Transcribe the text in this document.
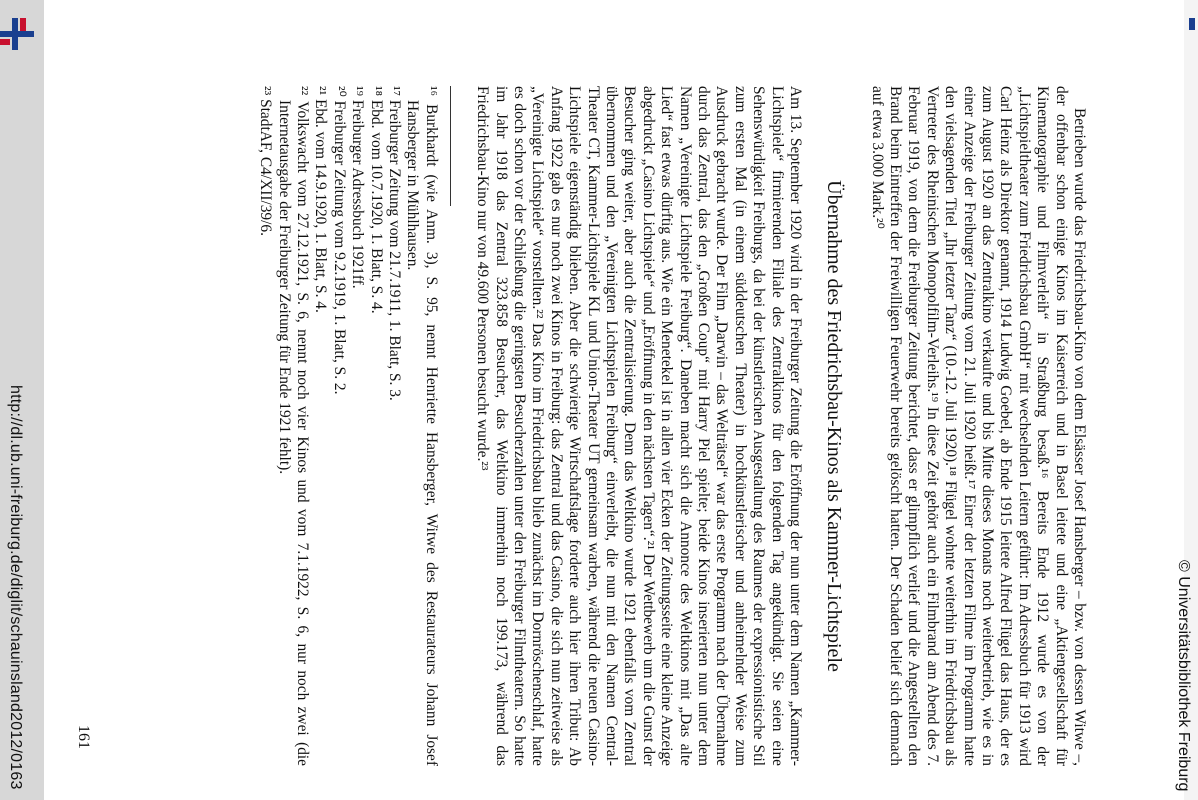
http://dl.ub.uni-freiburg.de/diglit/schauinsland2012/0163	© Universitätsbibliothek Freiburg

Betrieben wurde das Friedrichsbau-Kino von dem Elsässer Josef Hansberger – bzw. von dessen Witwe –, der offenbar schon einige Kinos im Kaiserreich und in Basel leitete und eine „Aktiengesellschaft für Kinematographie und Filmverleih“ in Straßburg besaß.¹⁶ Bereits Ende 1912 wurde es von der „Lichtspieltheater zum Friedrichsbau GmbH“ mit wechselnden Leitern geführt: Im Adressbuch für 1913 wird Carl Heinz als Direktor genannt, 1914 Ludwig Goebel, ab Ende 1915 leitete Alfred Flügel das Haus, der es zum August 1920 an das Zentralkino verkaufte und bis Mitte dieses Monats noch weiterbetrieb, wie es in einer Anzeige der Freiburger Zeitung vom 21. Juli 1920 heißt.¹⁷ Einer der letzten Filme im Programm hatte den vielsagenden Titel „Ihr letzter Tanz“ (10.-12. Juli 1920).¹⁸ Flügel wohnte weiterhin im Friedrichsbau als Vertreter des Rheinischen Monopolfilm-Verleihs.¹⁹ In diese Zeit gehört auch ein Filmbrand am Abend des 7. Februar 1919, von dem die Freiburger Zeitung berichtet, dass er glimpflich verlief und die Angestellten den Brand beim Eintreffen der Freiwilligen Feuerwehr bereits gelöscht hatten. Der Schaden belief sich demnach auf etwa 3.000 Mark.²⁰

Übernahme des Friedrichsbau-Kinos als Kammer-Lichtspiele

Am 13. September 1920 wird in der Freiburger Zeitung die Eröffnung der nun unter dem Namen „Kammer-Lichtspiele“ firmierenden Filiale des Zentralkinos für den folgenden Tag angekündigt. Sie seien eine Sehenswürdigkeit Freiburgs, da bei der künstlerischen Ausgestaltung des Raumes der expressionistische Stil zum ersten Mal (in einem süddeutschen Theater) in hochkünstlerischer und anheimelnder Weise zum Ausdruck gebracht wurde. Der Film „Darwin – das Welträtsel“ war das erste Programm nach der Übernahme durch das Zentral, das den „Großen Coup“ mit Harry Piel spielte; beide Kinos inserierten nun unter dem Namen „Vereinigte Lichtspiele Freiburg“. Daneben macht sich die Annonce des Weltkinos mit „Das alte Lied“ fast etwas dürftig aus. Wie ein Menetekel ist in allen vier Ecken der Zeitungsseite eine kleine Anzeige abgedruckt „Casino Lichtspiele“ und „Eröffnung in den nächsten Tagen“.²¹ Der Wettbewerb um die Gunst der Besucher ging weiter, aber auch die Zentralisierung. Denn das Weltkino wurde 1921 ebenfalls vom Zentral übernommen und den „Vereinigten Lichtspielen Freiburg“ einverleibt, die nun mit den Namen Central-Theater CT, Kammer-Lichtspiele KL und Union-Theater UT gemeinsam warben, während die neuen Casino-Lichtspiele eigenständig blieben. Aber die schwierige Wirtschaftslage forderte auch hier ihren Tribut: Ab Anfang 1922 gab es nur noch zwei Kinos in Freiburg: das Zentral und das Casino, die sich nun zeitweise als „Vereinigte Lichtspiele“ vorstellten.²² Das Kino im Friedrichsbau blieb zunächst im Dornröschenschlaf, hatte es doch schon vor der Schließung die geringsten Besucherzahlen unter den Freiburger Filmtheatern. So hatte im Jahr 1918 das Zentral 323.858 Besucher, das Weltkino immerhin noch 199.173, während das Friedrichsbau-Kino nur von 49.600 Personen besucht wurde.²³

¹⁶ Burkhardt (wie Anm. 3), S. 95, nennt Henriette Hansberger, Witwe des Restaurateurs Johann Josef Hansberger in Mühlhausen.

¹⁷ Freiburger Zeitung vom 21.7.1911, 1. Blatt, S. 3.

¹⁸ Ebd. vom 10.7.1920, 1. Blatt, S. 4.

¹⁹ Freiburger Adressbuch 1921ff.

²⁰ Freiburger Zeitung vom 9.2.1919, 1. Blatt, S. 2.

²¹ Ebd. vom 14.9.1920, 1. Blatt, S. 4.

²² Volkswacht vom 27.12.1921, S. 6, nennt noch vier Kinos und vom 7.1.1922, S. 6, nur noch zwei (die Internetausgabe der Freiburger Zeitung für Ende 1921 fehlt).

²³ StadtAF, C4/XII/39/6.

161
